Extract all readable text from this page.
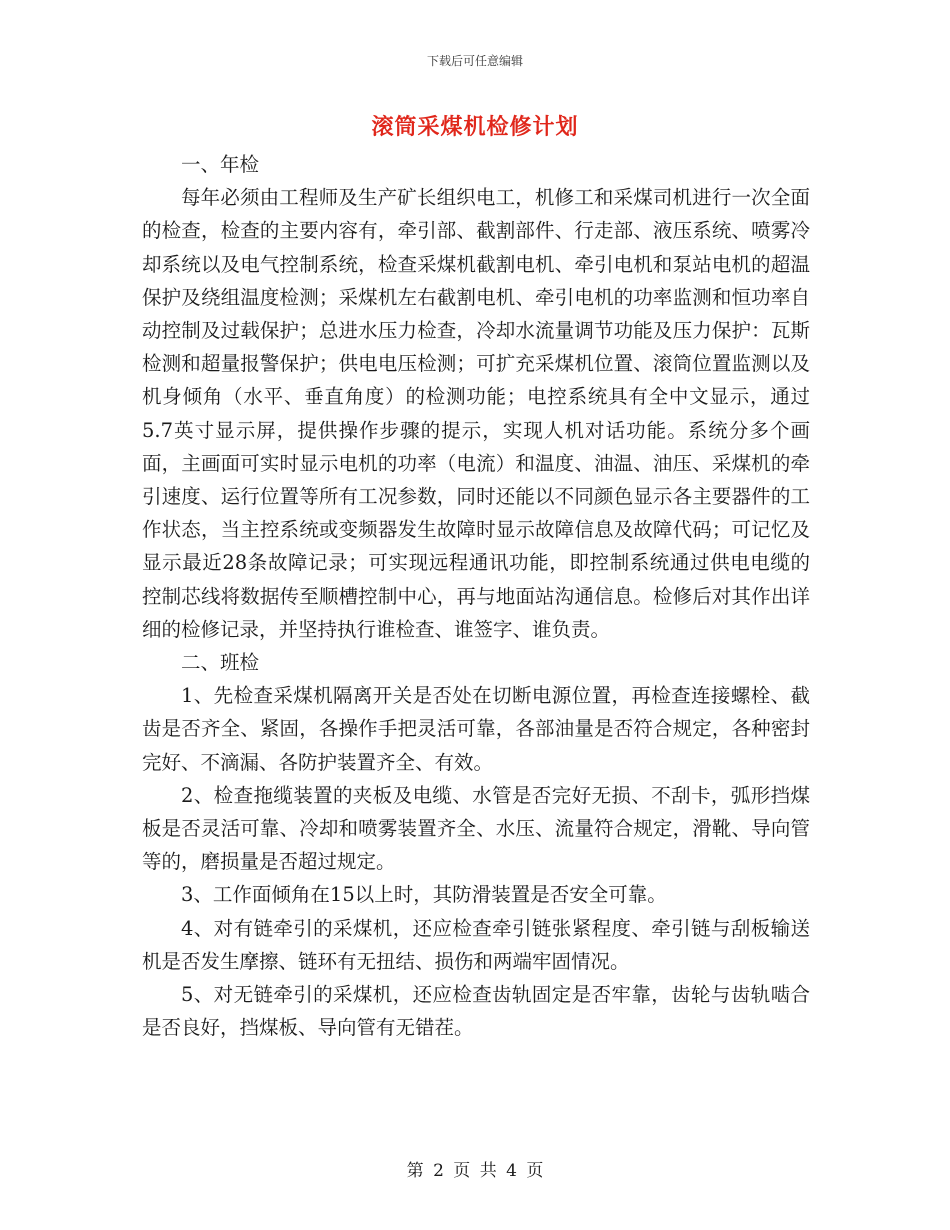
下载后可任意编辑
滚筒采煤机检修计划

一、年检

每年必须由工程师及生产矿长组织电工，机修工和采煤司机进行一次全面的检查，检查的主要内容有，牵引部、截割部件、行走部、液压系统、喷雾冷却系统以及电气控制系统，检查采煤机截割电机、牵引电机和泵站电机的超温保护及绕组温度检测；采煤机左右截割电机、牵引电机的功率监测和恒功率自动控制及过载保护；总进水压力检查，冷却水流量调节功能及压力保护：瓦斯检测和超量报警保护；供电电压检测；可扩充采煤机位置、滚筒位置监测以及机身倾角（水平、垂直角度）的检测功能；电控系统具有全中文显示，通过5.7英寸显示屏，提供操作步骤的提示，实现人机对话功能。系统分多个画面，主画面可实时显示电机的功率（电流）和温度、油温、油压、采煤机的牵引速度、运行位置等所有工况参数，同时还能以不同颜色显示各主要器件的工作状态，当主控系统或变频器发生故障时显示故障信息及故障代码；可记忆及显示最近28条故障记录；可实现远程通讯功能，即控制系统通过供电电缆的控制芯线将数据传至顺槽控制中心，再与地面站沟通信息。检修后对其作出详细的检修记录，并坚持执行谁检查、谁签字、谁负责。

二、班检

1、先检查采煤机隔离开关是否处在切断电源位置，再检查连接螺栓、截齿是否齐全、紧固，各操作手把灵活可靠，各部油量是否符合规定，各种密封完好、不滴漏、各防护装置齐全、有效。

2、检查拖缆装置的夹板及电缆、水管是否完好无损、不刮卡，弧形挡煤板是否灵活可靠、冷却和喷雾装置齐全、水压、流量符合规定，滑靴、导向管等的，磨损量是否超过规定。

3、工作面倾角在15以上时，其防滑装置是否安全可靠。

4、对有链牵引的采煤机，还应检查牵引链张紧程度、牵引链与刮板输送机是否发生摩擦、链环有无扭结、损伤和两端牢固情况。

5、对无链牵引的采煤机，还应检查齿轨固定是否牢靠，齿轮与齿轨啮合是否良好，挡煤板、导向管有无错茬。

第 2 页 共 4 页
